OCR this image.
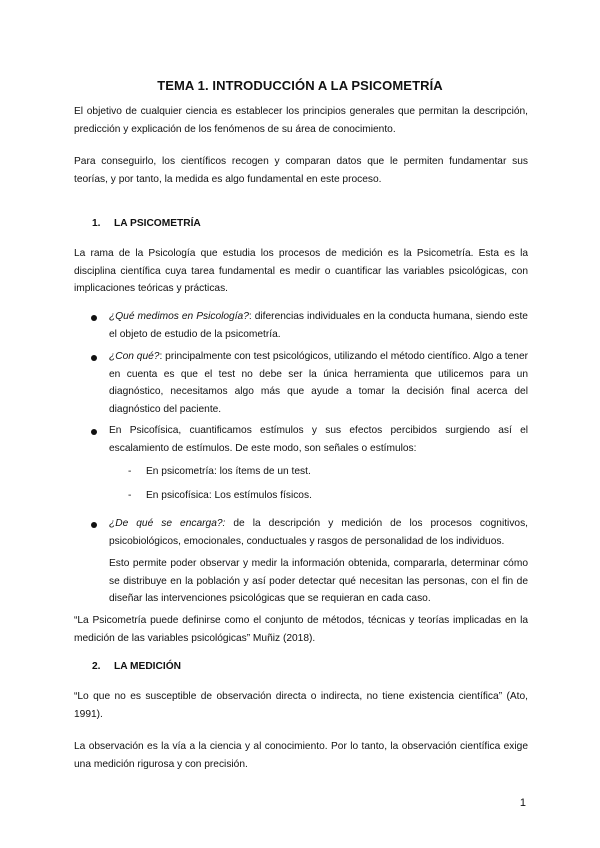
TEMA 1. INTRODUCCIÓN A LA PSICOMETRÍA

El objetivo de cualquier ciencia es establecer los principios generales que permitan la descripción, predicción y explicación de los fenómenos de su área de conocimiento.

Para conseguirlo, los científicos recogen y comparan datos que le permiten fundamentar sus teorías, y por tanto, la medida es algo fundamental en este proceso.

1. LA PSICOMETRÍA

La rama de la Psicología que estudia los procesos de medición es la Psicometría. Esta es la disciplina científica cuya tarea fundamental es medir o cuantificar las variables psicológicas, con implicaciones teóricas y prácticas.

¿Qué medimos en Psicología?: diferencias individuales en la conducta humana, siendo este el objeto de estudio de la psicometría.

¿Con qué?: principalmente con test psicológicos, utilizando el método científico. Algo a tener en cuenta es que el test no debe ser la única herramienta que utilicemos para un diagnóstico, necesitamos algo más que ayude a tomar la decisión final acerca del diagnóstico del paciente.

En Psicofísica, cuantificamos estímulos y sus efectos percibidos surgiendo así el escalamiento de estímulos. De este modo, son señales o estímulos:

- En psicometría: los ítems de un test.

- En psicofísica: Los estímulos físicos.

¿De qué se encarga?: de la descripción y medición de los procesos cognitivos, psicobiológicos, emocionales, conductuales y rasgos de personalidad de los individuos.

Esto permite poder observar y medir la información obtenida, compararla, determinar cómo se distribuye en la población y así poder detectar qué necesitan las personas, con el fin de diseñar las intervenciones psicológicas que se requieran en cada caso.

“La Psicometría puede definirse como el conjunto de métodos, técnicas y teorías implicadas en la medición de las variables psicológicas” Muñiz (2018).

2. LA MEDICIÓN

“Lo que no es susceptible de observación directa o indirecta, no tiene existencia científica” (Ato, 1991).

La observación es la vía a la ciencia y al conocimiento. Por lo tanto, la observación científica exige una medición rigurosa y con precisión.

1
